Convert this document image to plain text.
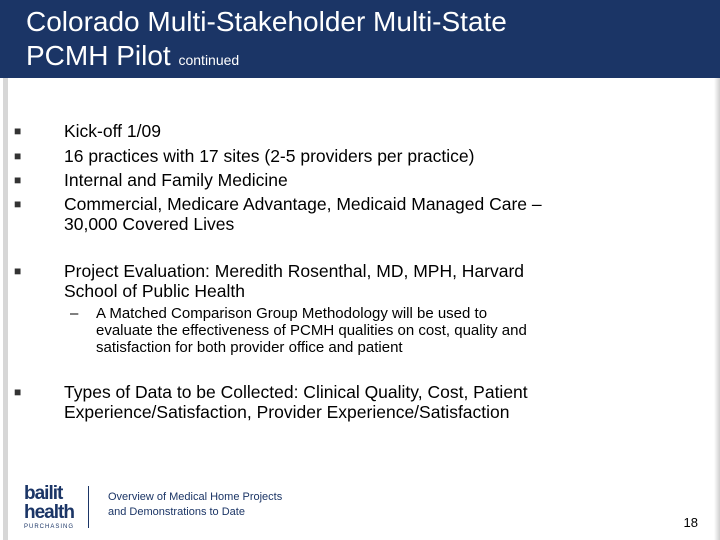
Colorado Multi-Stakeholder Multi-State
PCMH Pilot continued
■ Kick-off 1/09
■ 16 practices with 17 sites (2-5 providers per practice)
■ Internal and Family Medicine
■ Commercial, Medicare Advantage, Medicaid Managed Care –
30,000 Covered Lives
■ Project Evaluation: Meredith Rosenthal, MD, MPH, Harvard
School of Public Health
– A Matched Comparison Group Methodology will be used to
evaluate the effectiveness of PCMH qualities on cost, quality and
satisfaction for both provider office and patient
■ Types of Data to be Collected: Clinical Quality, Cost, Patient
Experience/Satisfaction, Provider Experience/Satisfaction
bailit
health
PURCHASING
Overview of Medical Home Projects
and Demonstrations to Date
18
